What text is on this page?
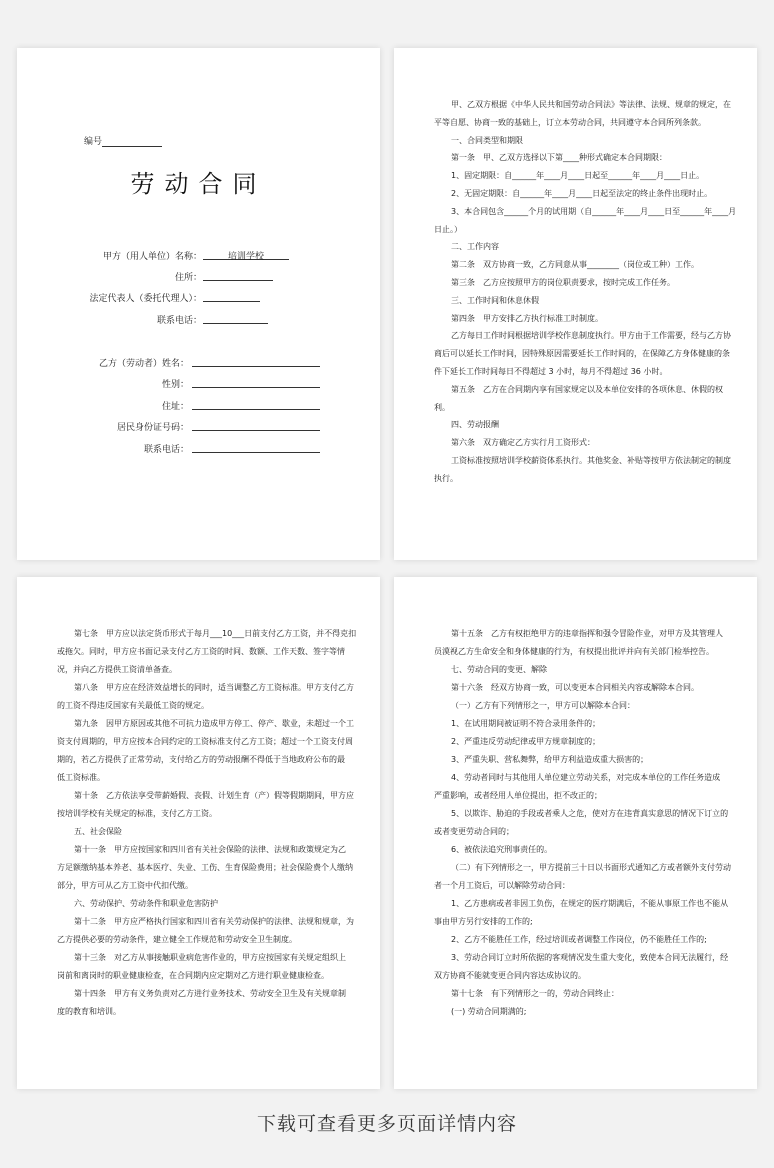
编号
劳动合同
甲方（用人单位）名称：	培训学校
住所：
法定代表人（委托代理人）：
联系电话：
乙方（劳动者）姓名：
性别：
住址：
居民身份证号码：
联系电话：
甲、乙双方根据《中华人民共和国劳动合同法》等法律、法规、规章的规定，在
平等自愿、协商一致的基础上，订立本劳动合同，共同遵守本合同所列条款。
一、合同类型和期限
第一条　甲、乙双方选择以下第____种形式确定本合同期限：
1、固定期限：自______年____月____日起至______年____月____日止。
2、无固定期限：自______年____月____日起至法定的终止条件出现时止。
3、本合同包含______个月的试用期（自______年____月____日至______年____月
日止。）
二、工作内容
第二条　双方协商一致，乙方同意从事________（岗位或工种）工作。
第三条　乙方应按照甲方的岗位职责要求，按时完成工作任务。
三、工作时间和休息休假
第四条　甲方安排乙方执行标准工时制度。
乙方每日工作时间根据培训学校作息制度执行。甲方由于工作需要，经与乙方协
商后可以延长工作时间，因特殊原因需要延长工作时间的，在保障乙方身体健康的条
件下延长工作时间每日不得超过 3 小时，每月不得超过 36 小时。
第五条　乙方在合同期内享有国家规定以及本单位安排的各项休息、休假的权
利。
四、劳动报酬
第六条　双方确定乙方实行月工资形式：
工资标准按照培训学校薪资体系执行。其他奖金、补贴等按甲方依法制定的制度
执行。
第七条　甲方应以法定货币形式于每月___10___日前支付乙方工资，并不得克扣
或拖欠。同时，甲方应书面记录支付乙方工资的时间、数额、工作天数、签字等情
况，并向乙方提供工资清单备查。
第八条　甲方应在经济效益增长的同时，适当调整乙方工资标准。甲方支付乙方
的工资不得违反国家有关最低工资的规定。
第九条　因甲方原因或其他不可抗力造成甲方停工、停产、歇业，未超过一个工
资支付周期的，甲方应按本合同约定的工资标准支付乙方工资；超过一个工资支付周
期的，若乙方提供了正常劳动，支付给乙方的劳动报酬不得低于当地政府公布的最
低工资标准。
第十条　乙方依法享受带薪婚假、丧假、计划生育（产）假等假期期间，甲方应
按培训学校有关规定的标准，支付乙方工资。
五、社会保险
第十一条　甲方应按国家和四川省有关社会保险的法律、法规和政策规定为乙
方足额缴纳基本养老、基本医疗、失业、工伤、生育保险费用；社会保险费个人缴纳
部分，甲方可从乙方工资中代扣代缴。
六、劳动保护、劳动条件和职业危害防护
第十二条　甲方应严格执行国家和四川省有关劳动保护的法律、法规和规章，为
乙方提供必要的劳动条件，建立健全工作规范和劳动安全卫生制度。
第十三条　对乙方从事接触职业病危害作业的，甲方应按国家有关规定组织上
岗前和离岗时的职业健康检查，在合同期内应定期对乙方进行职业健康检查。
第十四条　甲方有义务负责对乙方进行业务技术、劳动安全卫生及有关规章制
度的教育和培训。
第十五条　乙方有权拒绝甲方的违章指挥和强令冒险作业，对甲方及其管理人
员漠视乙方生命安全和身体健康的行为，有权提出批评并向有关部门检举控告。
七、劳动合同的变更、解除
第十六条　经双方协商一致，可以变更本合同相关内容或解除本合同。
（一）乙方有下列情形之一，甲方可以解除本合同：
1、在试用期间被证明不符合录用条件的；
2、严重违反劳动纪律或甲方规章制度的；
3、严重失职、营私舞弊，给甲方利益造成重大损害的；
4、劳动者同时与其他用人单位建立劳动关系，对完成本单位的工作任务造成
严重影响，或者经用人单位提出，拒不改正的；
5、以欺诈、胁迫的手段或者乘人之危，使对方在违背真实意思的情况下订立的
或者变更劳动合同的；
6、被依法追究刑事责任的。
（二）有下列情形之一，甲方提前三十日以书面形式通知乙方或者额外支付劳动
者一个月工资后，可以解除劳动合同：
1、乙方患病或者非因工负伤，在规定的医疗期满后，不能从事原工作也不能从
事由甲方另行安排的工作的;
2、乙方不能胜任工作，经过培训或者调整工作岗位，仍不能胜任工作的;
3、劳动合同订立时所依据的客观情况发生重大变化，致使本合同无法履行，经
双方协商不能就变更合同内容达成协议的。
第十七条　有下列情形之一的，劳动合同终止：
(一) 劳动合同期满的;
下载可查看更多页面详情内容
